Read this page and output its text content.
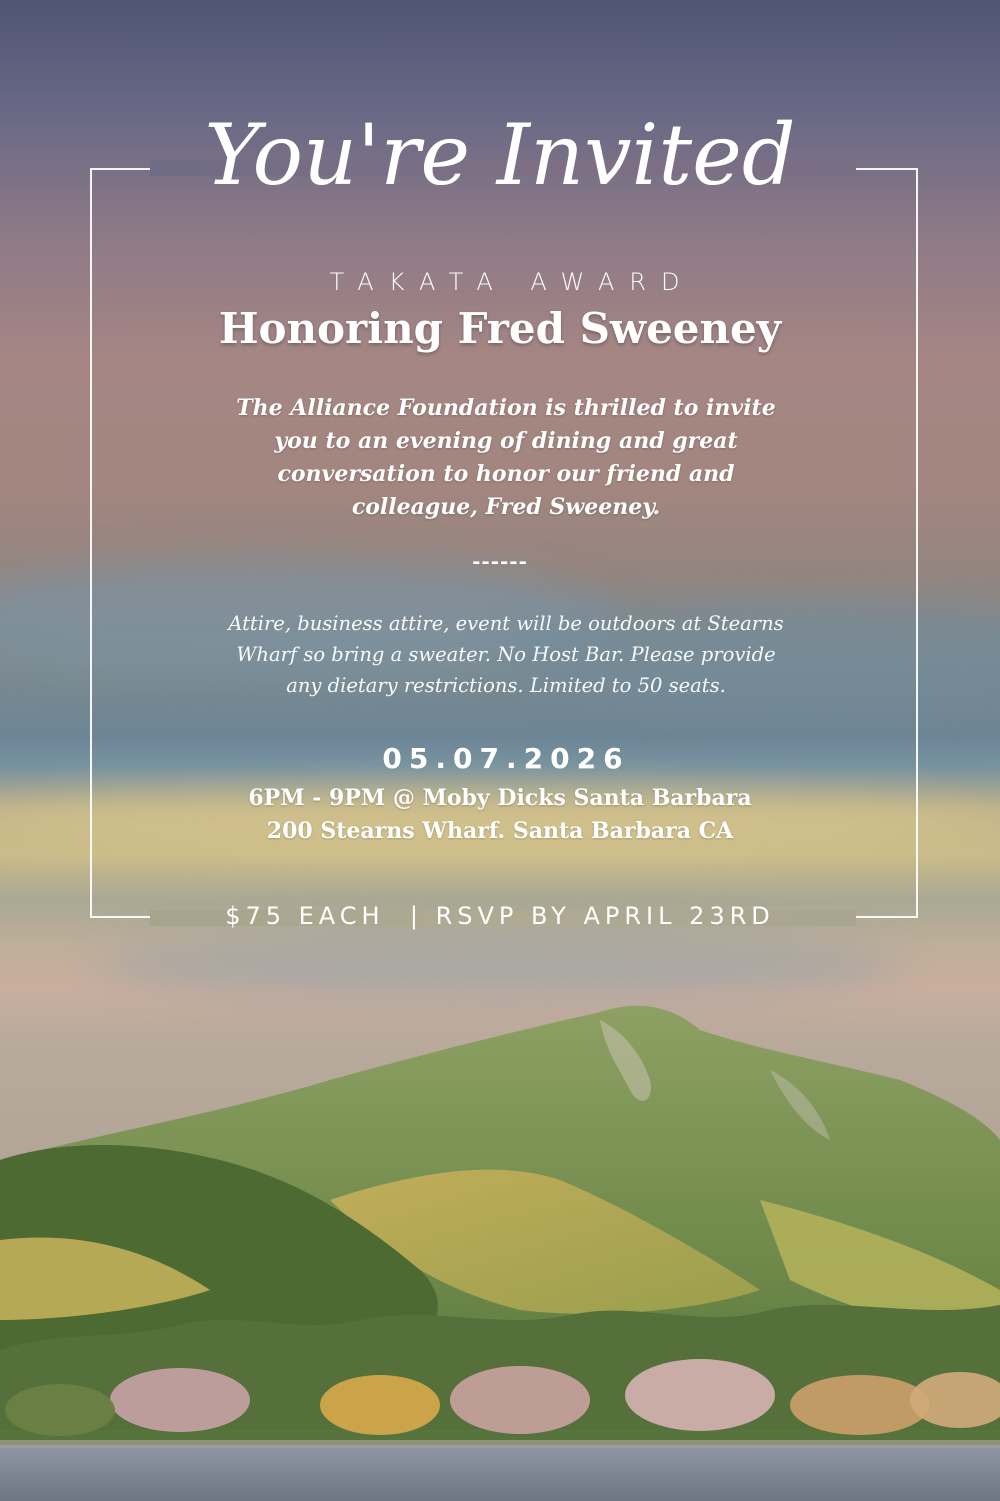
You're Invited
TAKATA AWARD
Honoring Fred Sweeney
The Alliance Foundation is thrilled to invite
you to an evening of dining and great
conversation to honor our friend and
colleague, Fred Sweeney.
------
Attire, business attire, event will be outdoors at Stearns
Wharf so bring a sweater. No Host Bar. Please provide
any dietary restrictions. Limited to 50 seats.
05.07.2026
6PM - 9PM @ Moby Dicks Santa Barbara
200 Stearns Wharf. Santa Barbara CA
$75 EACH  | RSVP BY APRIL 23RD
